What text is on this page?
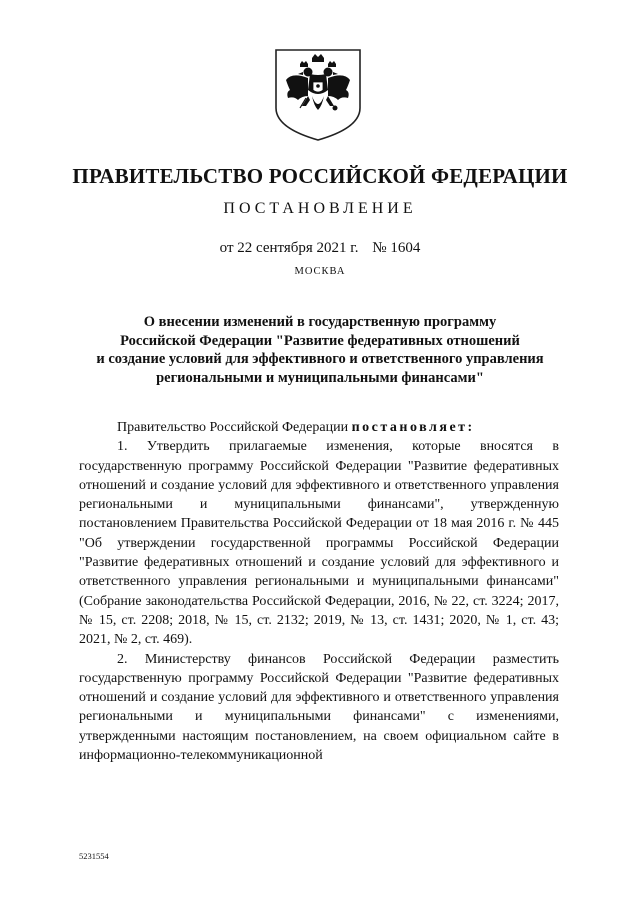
ПРАВИТЕЛЬСТВО РОССИЙСКОЙ ФЕДЕРАЦИИ
ПОСТАНОВЛЕНИЕ
от 22 сентября 2021 г. № 1604
МОСКВА
О внесении изменений в государственную программу
Российской Федерации "Развитие федеративных отношений
и создание условий для эффективного и ответственного управления
региональными и муниципальными финансами"

Правительство Российской Федерации постановляет:

1. Утвердить прилагаемые изменения, которые вносятся в государственную программу Российской Федерации "Развитие федеративных отношений и создание условий для эффективного и ответственного управления региональными и муниципальными финансами", утвержденную постановлением Правительства Российской Федерации от 18 мая 2016 г. № 445 "Об утверждении государственной программы Российской Федерации "Развитие федеративных отношений и создание условий для эффективного и ответственного управления региональными и муниципальными финансами" (Собрание законодательства Российской Федерации, 2016, № 22, ст. 3224; 2017, № 15, ст. 2208; 2018, № 15, ст. 2132; 2019, № 13, ст. 1431; 2020, № 1, ст. 43; 2021, № 2, ст. 469).

2. Министерству финансов Российской Федерации разместить государственную программу Российской Федерации "Развитие федеративных отношений и создание условий для эффективного и ответственного управления региональными и муниципальными финансами" с изменениями, утвержденными настоящим постановлением, на своем официальном сайте в информационно-телекоммуникационной

5231554
